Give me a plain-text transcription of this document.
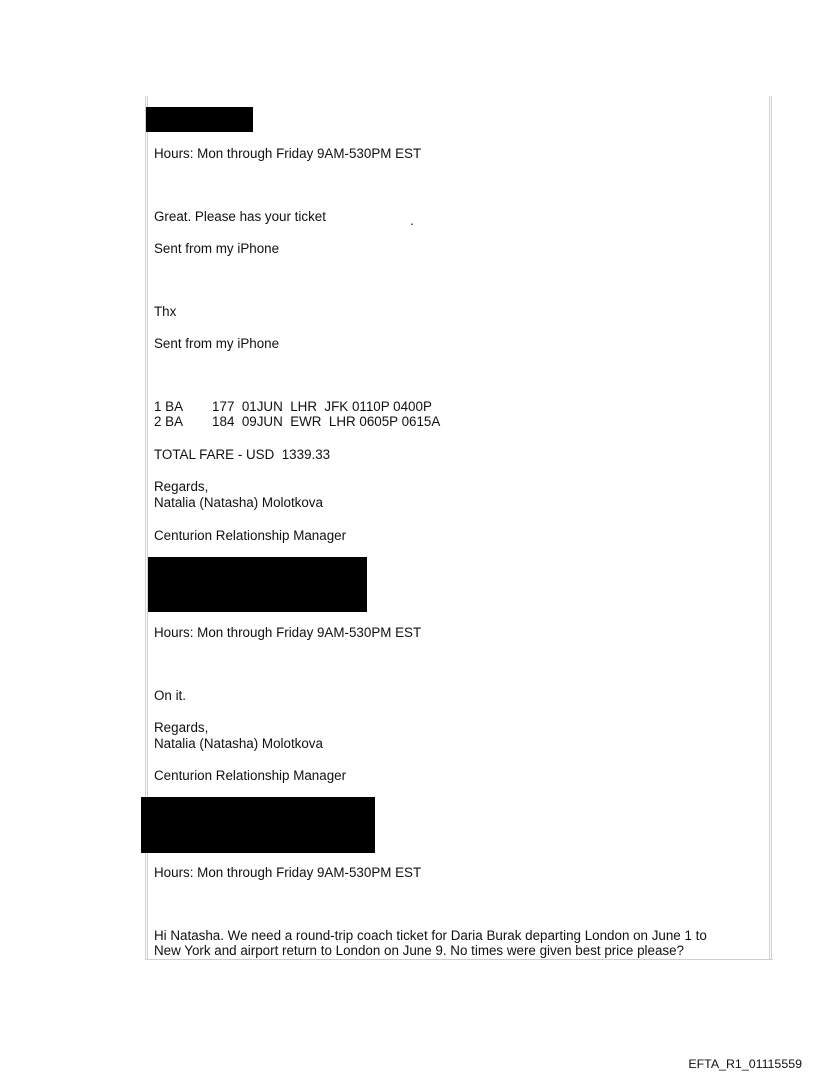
Hours: Mon through Friday 9AM-530PM EST
Great. Please has your ticket	.
Sent from my iPhone
Thx
Sent from my iPhone
1 BA        177  01JUN  LHR  JFK 0110P 0400P
2 BA        184  09JUN  EWR  LHR 0605P 0615A
TOTAL FARE - USD  1339.33
Regards,
Natalia (Natasha) Molotkova
Centurion Relationship Manager
Hours: Mon through Friday 9AM-530PM EST
On it.
Regards,
Natalia (Natasha) Molotkova
Centurion Relationship Manager
Hours: Mon through Friday 9AM-530PM EST
Hi Natasha. We need a round-trip coach ticket for Daria Burak departing London on June 1 to
New York and airport return to London on June 9. No times were given best price please?
EFTA_R1_01115559
